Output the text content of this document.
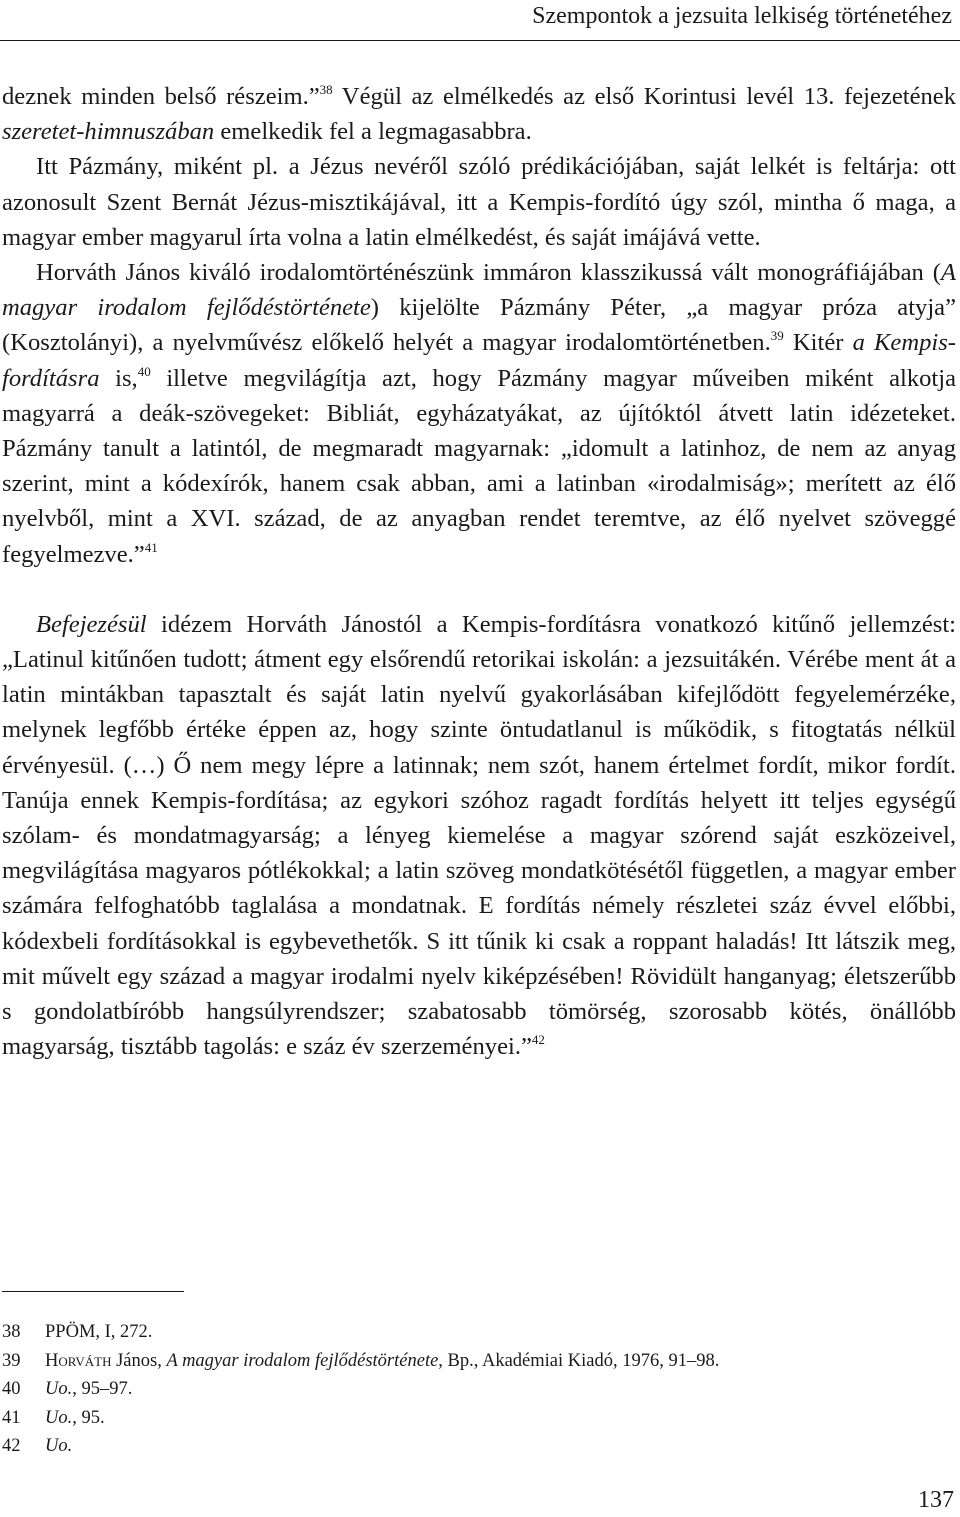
Szempontok a jezsuita lelkiség történetéhez

deznek minden belső részeim.”$^{38}$ Végül az elmélkedés az első Korintusi levél 13. fejezetének szeretet-himnuszában emelkedik fel a legmagasabbra.

Itt Pázmány, miként pl. a Jézus nevéről szóló prédikációjában, saját lelkét is feltárja: ott azonosult Szent Bernát Jézus-misztikájával, itt a Kempis-fordító úgy szól, mintha ő maga, a magyar ember magyarul írta volna a latin elmélkedést, és saját imájává vette.

Horváth János kiváló irodalomtörténészünk immáron klasszikussá vált monográfiájában (A magyar irodalom fejlődéstörténete) kijelölte Pázmány Péter, „a magyar próza atyja” (Kosztolányi), a nyelvművész előkelő helyét a magyar irodalomtörténetben.$^{39}$ Kitér a Kempis-fordításra is,$^{40}$ illetve megvilágítja azt, hogy Pázmány magyar műveiben miként alkotja magyarrá a deák-szövegeket: Bibliát, egyházatyákat, az újítóktól átvett latin idézeteket. Pázmány tanult a latintól, de megmaradt magyarnak: „idomult a latinhoz, de nem az anyag szerint, mint a kódexírók, hanem csak abban, ami a latinban «irodalmiság»; merített az élő nyelvből, mint a XVI. század, de az anyagban rendet teremtve, az élő nyelvet szöveggé fegyelmezve.”$^{41}$

Befejezésül idézem Horváth Jánostól a Kempis-fordításra vonatkozó kitűnő jellemzést: „Latinul kitűnően tudott; átment egy elsőrendű retorikai iskolán: a jezsuitákén. Vérébe ment át a latin mintákban tapasztalt és saját latin nyelvű gyakorlásában kifejlődött fegyelemérzéke, melynek legfőbb értéke éppen az, hogy szinte öntudatlanul is működik, s fitogtatás nélkül érvényesül. (…) Ő nem megy lépre a latinnak; nem szót, hanem értelmet fordít, mikor fordít. Tanúja ennek Kempis-fordítása; az egykori szóhoz ragadt fordítás helyett itt teljes egységű szólam- és mondatmagyarság; a lényeg kiemelése a magyar szórend saját eszközeivel, megvilágítása magyaros pótlékokkal; a latin szöveg mondatkötésétől független, a magyar ember számára felfoghatóbb taglalása a mondatnak. E fordítás némely részletei száz évvel előbbi, kódexbeli fordításokkal is egybevethetők. S itt tűnik ki csak a roppant haladás! Itt látszik meg, mit művelt egy század a magyar irodalmi nyelv kiképzésében! Rövidült hanganyag; életszerűbb s gondolatbíróbb hangsúlyrendszer; szabatosabb tömörség, szorosabb kötés, önállóbb magyarság, tisztább tagolás: e száz év szerzeményei.”$^{42}$

38	PPÖM, I, 272.
39	Horváth János, A magyar irodalom fejlődéstörténete, Bp., Akadémiai Kiadó, 1976, 91–98.
40	Uo., 95–97.
41	Uo., 95.
42	Uo.
137
